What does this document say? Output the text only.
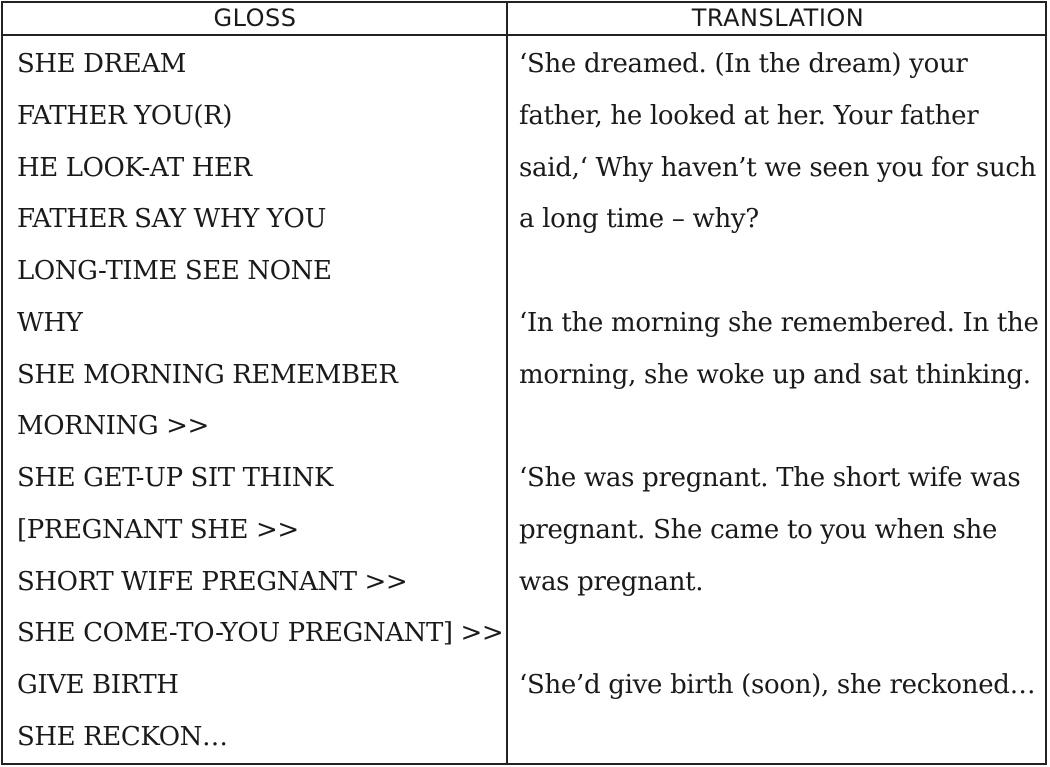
GLOSS	TRANSLATION
SHE DREAM
FATHER YOU(R)
HE LOOK-AT HER
FATHER SAY WHY YOU
LONG-TIME SEE NONE
WHY
SHE MORNING REMEMBER
MORNING >>
SHE GET-UP SIT THINK
[PREGNANT SHE >>
SHORT WIFE PREGNANT >>
SHE COME-TO-YOU PREGNANT] >>
GIVE BIRTH
SHE RECKON…
‘She dreamed. (In the dream) your
father, he looked at her. Your father
said,‘ Why haven’t we seen you for such
a long time – why?
‘In the morning she remembered. In the
morning, she woke up and sat thinking.
‘She was pregnant. The short wife was
pregnant. She came to you when she
was pregnant.
‘She’d give birth (soon), she reckoned…
